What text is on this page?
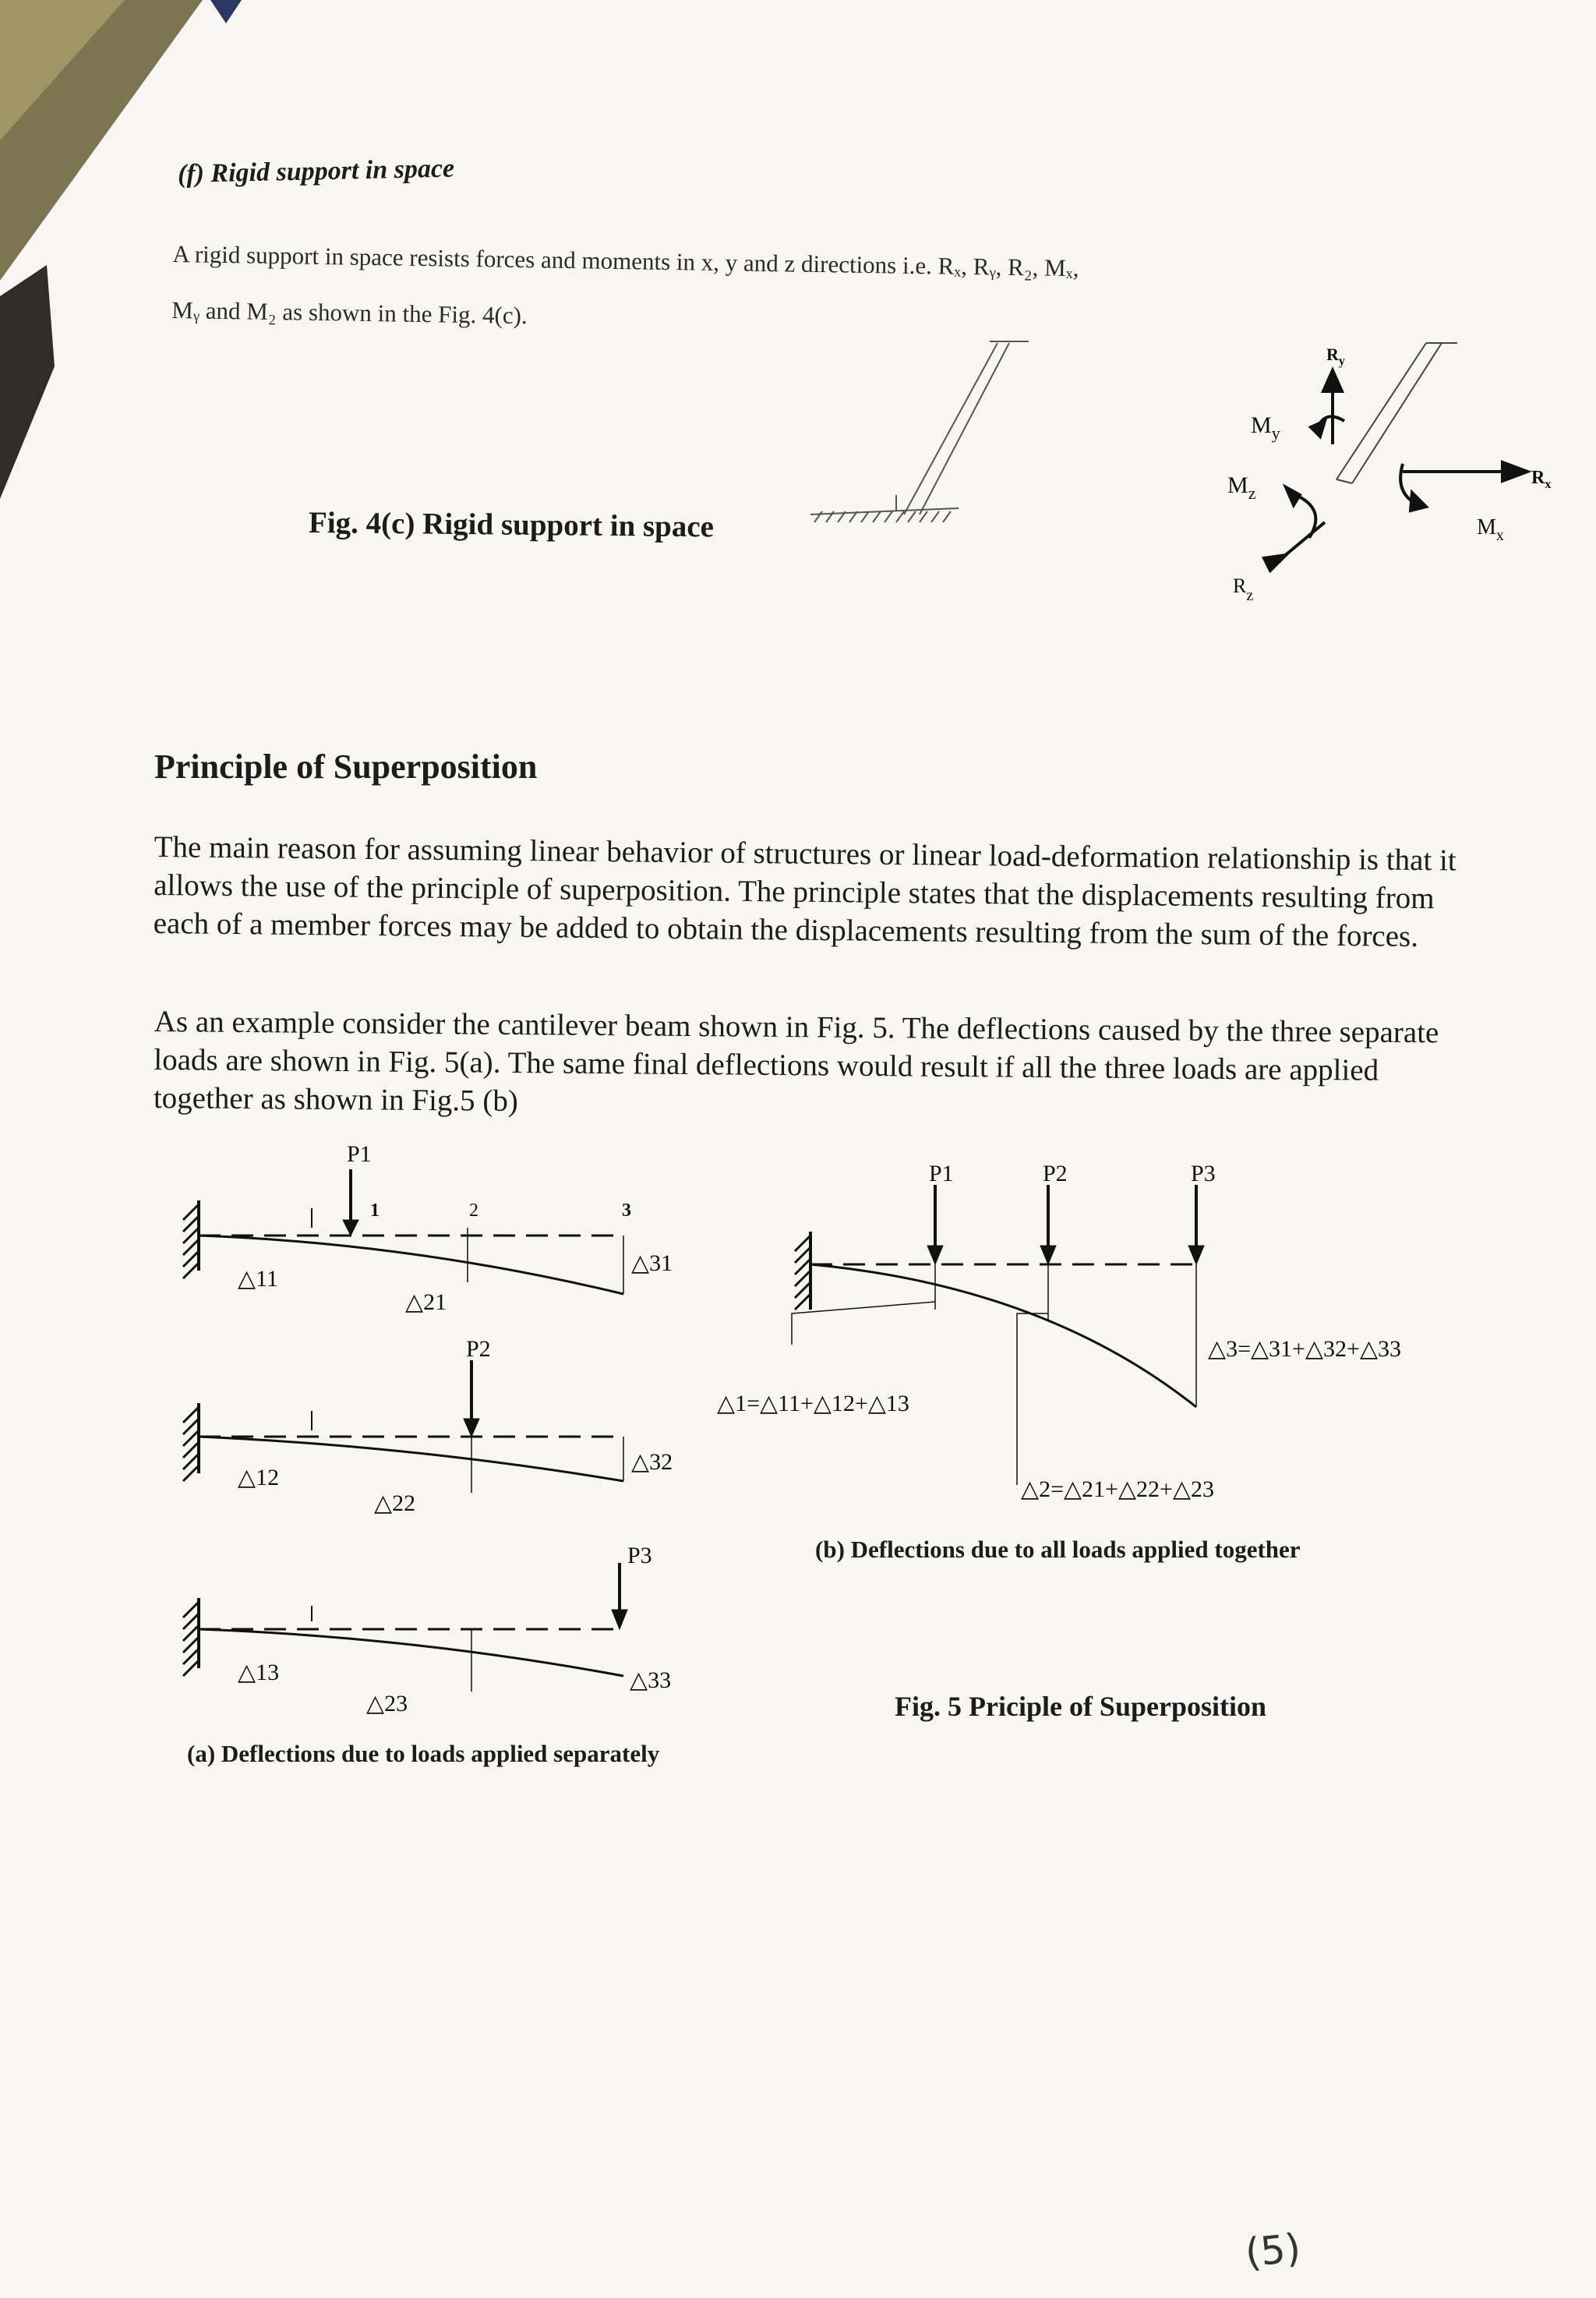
(f) Rigid support in space
A rigid support in space resists forces and moments in x, y and z directions i.e. Rₓ, Rᵧ, R₂, Mₓ,
Mᵧ and M₂ as shown in the Fig. 4(c).
$R_y$
$M_y$
$M_z$
$R_z$
$M_x$
$R_x$
Fig. 4(c) Rigid support in space
Principle of Superposition
The main reason for assuming linear behavior of structures or linear load-deformation relationship is that it allows the use of the principle of superposition. The principle states that the displacements resulting from each of a member forces may be added to obtain the displacements resulting from the sum of the forces.
As an example consider the cantilever beam shown in Fig. 5. The deflections caused by the three separate loads are shown in Fig. 5(a). The same final deflections would result if all the three loads are applied together as shown in Fig.5 (b)
P1
1	2	3
△11
△21
△31
P2
△12
△22
△32
P3
△13
△23
△33
P1	P2	P3
△1=△11+△12+△13
△2=△21+△22+△23
△3=△31+△32+△33
(b) Deflections due to all loads applied together
(a) Deflections due to loads applied separately
Fig. 5 Priciple of Superposition
(5)
